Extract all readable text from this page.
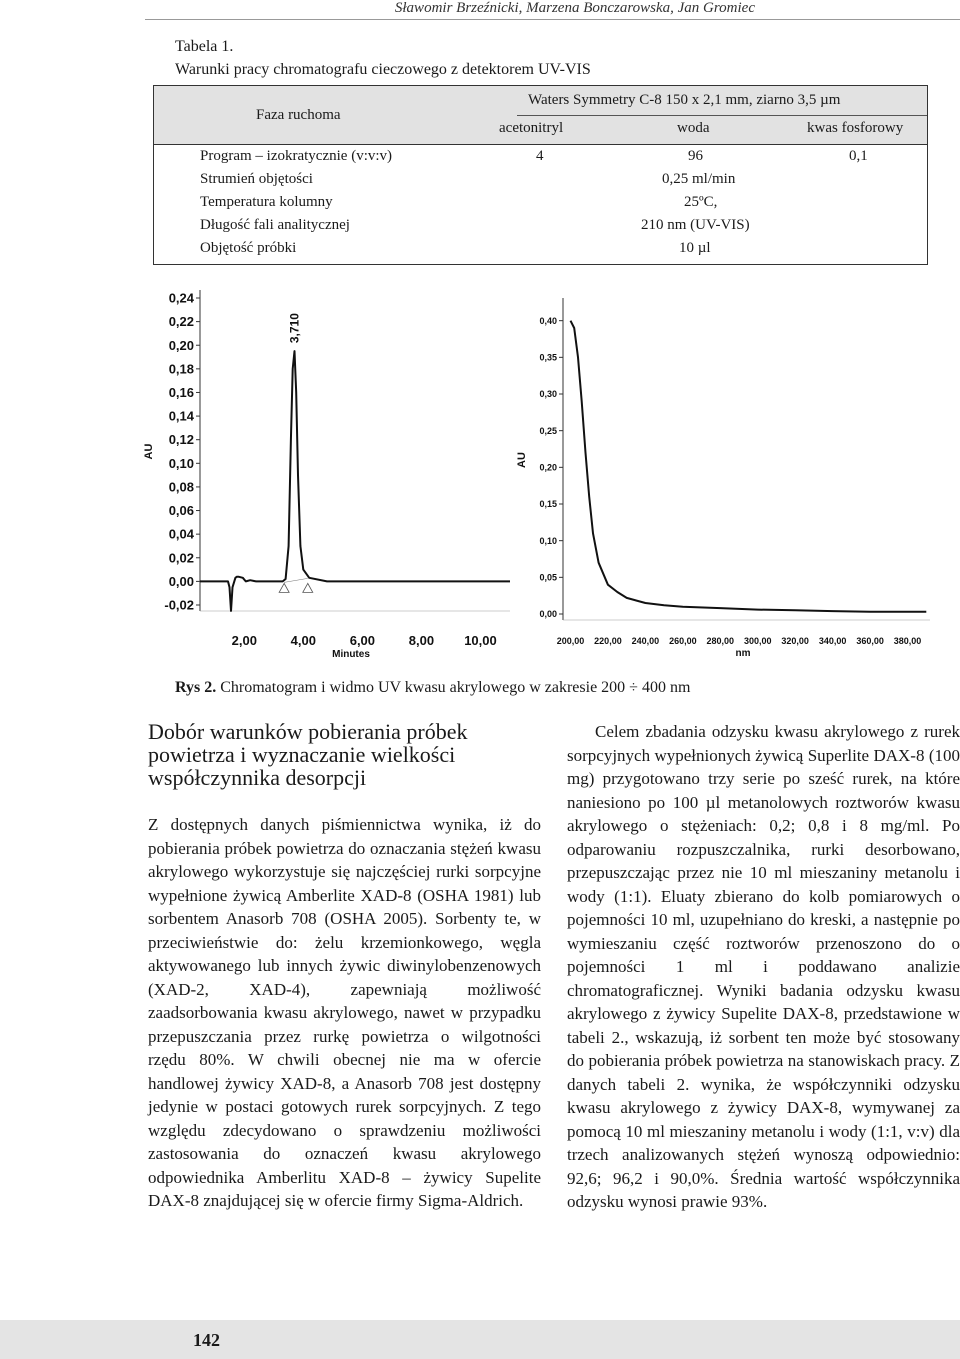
Sławomir Brzeźnicki, Marzena Bonczarowska, Jan Gromiec
Tabela 1.
Warunki pracy chromatografu cieczowego z detektorem UV-VIS
Faza ruchoma
Waters Symmetry C-8 150 x 2,1 mm, ziarno 3,5 µm
acetonitryl	woda	kwas fosforowy
Program – izokratycznie (v:v:v)	4	96	0,1
Strumień objętości	0,25 ml/min
Temperatura kolumny	25ºC,
Długość fali analitycznej	210 nm (UV-VIS)
Objętość próbki	10 µl
0,24
0,22
0,20
0,18
0,16
0,14
0,12
0,10
0,08
0,06
0,04
0,02
0,00
-0,02
2,00	4,00	6,00	8,00 10,00
AU
Minutes
3,710	0,40
0,35
0,30
0,25
0,20
0,15
0,10
0,05
0,00
200,00 220,00 240,00 260,00 280,00 300,00 320,00 340,00 360,00 380,00
AU
nm
Rys 2. Chromatogram i widmo UV kwasu akrylowego w zakresie 200 ÷ 400 nm
Dobór warunków pobierania próbek powietrza i wyznaczanie wielkości współczynnika desorpcji

Z dostępnych danych piśmiennictwa wynika, iż do pobierania próbek powietrza do oznaczania stężeń kwasu akrylowego wykorzystuje się najczęściej rurki sorpcyjne wypełnione żywicą Amberlite XAD-8 (OSHA 1981) lub sorbentem Anasorb 708 (OSHA 2005). Sorbenty te, w przeciwieństwie do: żelu krzemionkowego, węgla aktywowanego lub innych żywic diwinylobenzenowych (XAD-2, XAD-4), zapewniają możliwość zaadsorbowania kwasu akrylowego, nawet w przypadku przepuszczania przez rurkę powietrza o wilgotności rzędu 80%. W chwili obecnej nie ma w ofercie handlowej żywicy XAD-8, a Anasorb 708 jest dostępny jedynie w postaci gotowych rurek sorpcyjnych. Z tego względu zdecydowano o sprawdzeniu możliwości zastosowania do oznaczeń kwasu akrylowego odpowiednika Amberlitu XAD-8 – żywicy Supelite DAX-8 znajdującej się w ofercie firmy Sigma-Aldrich.

Celem zbadania odzysku kwasu akrylowego z rurek sorpcyjnych wypełnionych żywicą Superlite DAX-8 (100 mg) przygotowano trzy serie po sześć rurek, na które naniesiono po 100 µl metanolowych roztworów kwasu akrylowego o stężeniach: 0,2; 0,8 i 8 mg/ml. Po odparowaniu rozpuszczalnika, rurki desorbowano, przepuszczając przez nie 10 ml mieszaniny metanolu i wody (1:1). Eluaty zbierano do kolb pomiarowych o pojemności 10 ml, uzupełniano do kreski, a następnie po wymieszaniu część roztworów przenoszono do o pojemności 1 ml i poddawano analizie chromatograficznej. Wyniki badania odzysku kwasu akrylowego z żywicy Supelite DAX-8, przedstawione w tabeli 2., wskazują, iż sorbent ten może być stosowany do pobierania próbek powietrza na stanowiskach pracy. Z danych tabeli 2. wynika, że współczynniki odzysku kwasu akrylowego z żywicy DAX-8, wymywanej za pomocą 10 ml mieszaniny metanolu i wody (1:1, v:v) dla trzech analizowanych stężeń wynoszą odpowiednio: 92,6; 96,2 i 90,0%. Średnia wartość współczynnika odzysku wynosi prawie 93%.

142
